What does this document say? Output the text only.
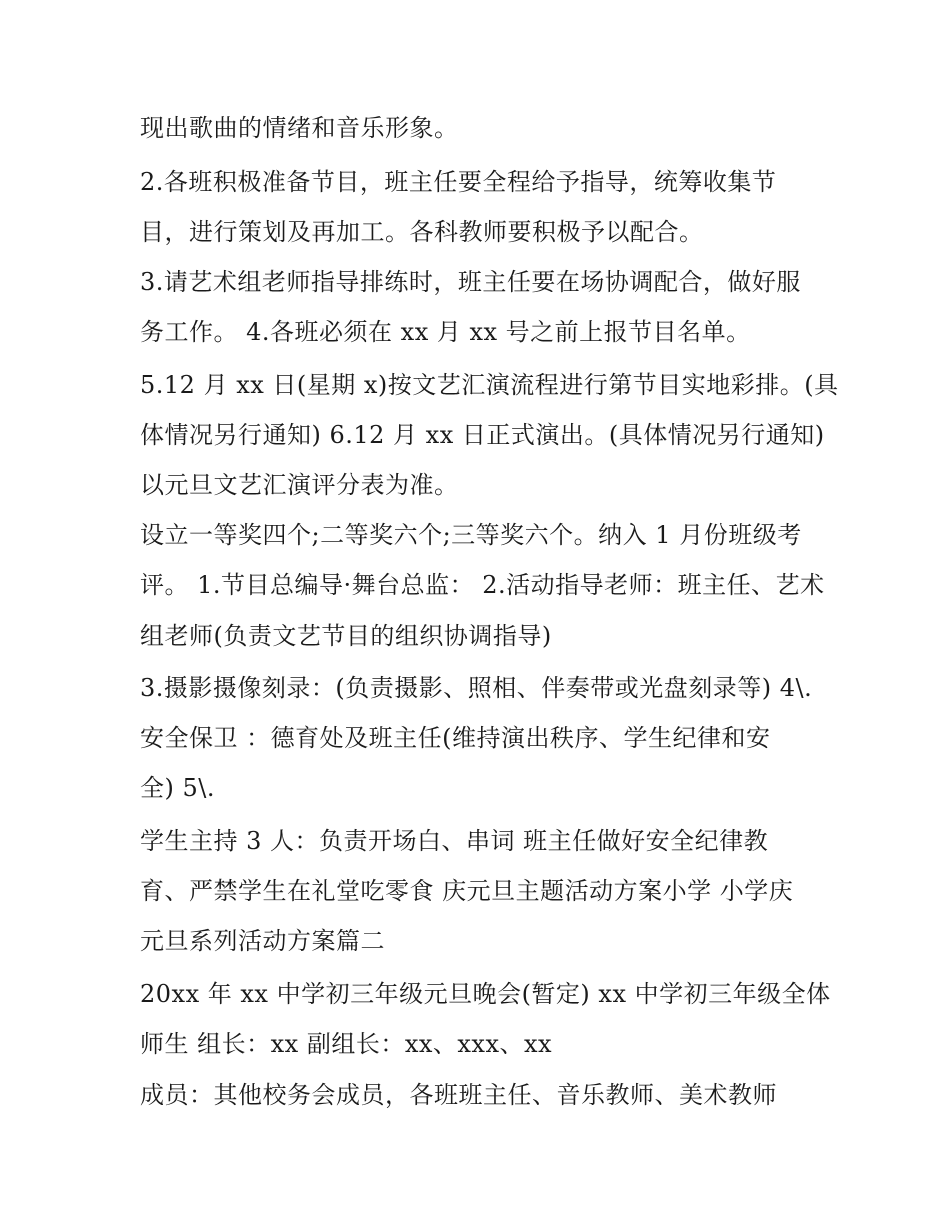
现出歌曲的情绪和音乐形象。
2.各班积极准备节目，班主任要全程给予指导，统筹收集节
目，进行策划及再加工。各科教师要积极予以配合。
3.请艺术组老师指导排练时，班主任要在场协调配合，做好服
务工作。 4.各班必须在 xx 月 xx 号之前上报节目名单。
5.12 月 xx 日(星期 x)按文艺汇演流程进行第节目实地彩排。(具
体情况另行通知) 6.12 月 xx 日正式演出。(具体情况另行通知)
以元旦文艺汇演评分表为准。
设立一等奖四个;二等奖六个;三等奖六个。纳入 1 月份班级考
评。 1.节目总编导·舞台总监： 2.活动指导老师：班主任、艺术
组老师(负责文艺节目的组织协调指导)
3.摄影摄像刻录：(负责摄影、照相、伴奏带或光盘刻录等) 4\.
安全保卫 ：德育处及班主任(维持演出秩序、学生纪律和安
全) 5\.
学生主持 3 人：负责开场白、串词 班主任做好安全纪律教
育、严禁学生在礼堂吃零食 庆元旦主题活动方案小学 小学庆
元旦系列活动方案篇二
20xx 年 xx 中学初三年级元旦晚会(暂定) xx 中学初三年级全体
师生 组长：xx 副组长：xx、xxx、xx
成员：其他校务会成员，各班班主任、音乐教师、美术教师
